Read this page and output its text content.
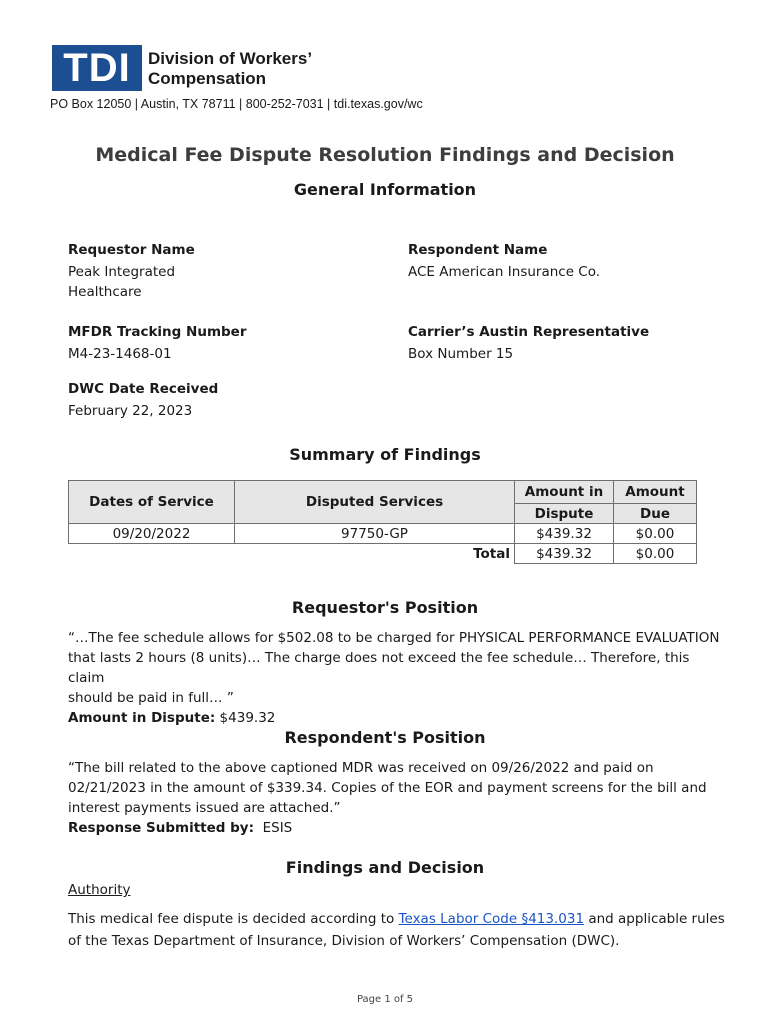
TDI	Division of Workers’
Compensation
PO Box 12050 | Austin, TX 78711 | 800-252-7031 | tdi.texas.gov/wc
Medical Fee Dispute Resolution Findings and Decision
General Information
Requestor Name
Peak Integrated
Healthcare
Respondent Name
ACE American Insurance Co.
MFDR Tracking Number
M4-23-1468-01
Carrier’s Austin Representative
Box Number 15
DWC Date Received
February 22, 2023
Summary of Findings
Dates of Service	Disputed Services	Amount in	Amount
		Dispute	Due
09/20/2022	97750-GP	$439.32	$0.00
	Total	$439.32	$0.00
Requestor's Position
“…The fee schedule allows for $502.08 to be charged for PHYSICAL PERFORMANCE EVALUATION
that lasts 2 hours (8 units)… The charge does not exceed the fee schedule… Therefore, this claim
should be paid in full… ”
Amount in Dispute: $439.32
Respondent's Position
“The bill related to the above captioned MDR was received on 09/26/2022 and paid on
02/21/2023 in the amount of $339.34. Copies of the EOR and payment screens for the bill and
interest payments issued are attached.”
Response Submitted by:  ESIS
Findings and Decision
Authority
This medical fee dispute is decided according to Texas Labor Code §413.031 and applicable rules
of the Texas Department of Insurance, Division of Workers’ Compensation (DWC).
Page 1 of 5
